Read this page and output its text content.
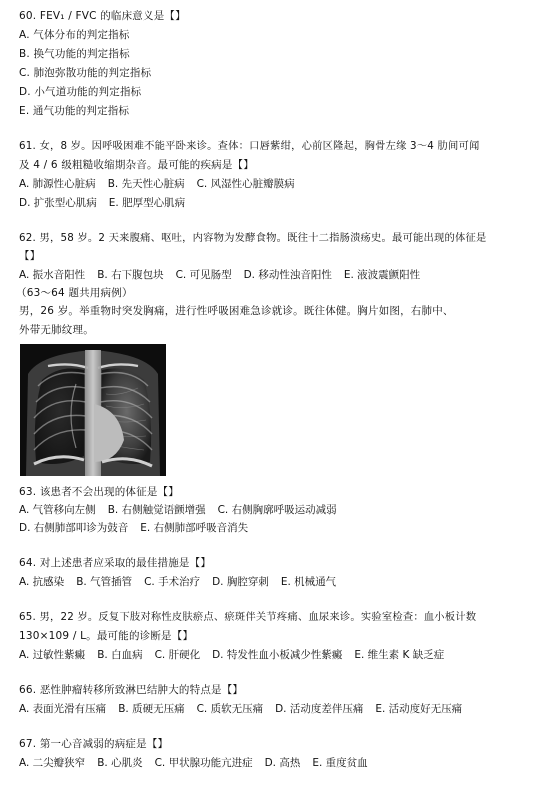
60. FEV₁ / FVC 的临床意义是【】
A. 气体分布的判定指标
B. 换气功能的判定指标
C. 肺泡弥散功能的判定指标
D. 小气道功能的判定指标
E. 通气功能的判定指标
61. 女，8 岁。因呼吸困难不能平卧来诊。查体：口唇紫绀，心前区隆起，胸骨左缘 3～4 肋间可闻
及 4 / 6 级粗糙收缩期杂音。最可能的疾病是【】
A. 肺源性心脏病 B. 先天性心脏病 C. 风湿性心脏瓣膜病
D. 扩张型心肌病 E. 肥厚型心肌病
62. 男，58 岁。2 天来腹痛、呕吐，内容物为发酵食物。既往十二指肠溃疡史。最可能出现的体征是
【】
A. 振水音阳性 B. 右下腹包块 C. 可见肠型 D. 移动性浊音阳性 E. 液波震颤阳性
（63～64 题共用病例）
男，26 岁。举重物时突发胸痛，进行性呼吸困难急诊就诊。既往体健。胸片如图，右肺中、
外带无肺纹理。
63. 该患者不会出现的体征是【】
A. 气管移向左侧 B. 右侧触觉语颤增强 C. 右侧胸廓呼吸运动减弱
D. 右侧肺部叩诊为鼓音 E. 右侧肺部呼吸音消失
64. 对上述患者应采取的最佳措施是【】
A. 抗感染 B. 气管插管 C. 手术治疗 D. 胸腔穿刺 E. 机械通气
65. 男，22 岁。反复下肢对称性皮肤瘀点、瘀斑伴关节疼痛、血尿来诊。实验室检查：血小板计数
130×109 / L。最可能的诊断是【】
A. 过敏性紫癜 B. 白血病 C. 肝硬化 D. 特发性血小板减少性紫癜 E. 维生素 K 缺乏症
66. 恶性肿瘤转移所致淋巴结肿大的特点是【】
A. 表面光滑有压痛 B. 质硬无压痛 C. 质软无压痛 D. 活动度差伴压痛 E. 活动度好无压痛
67. 第一心音减弱的病症是【】
A. 二尖瓣狭窄 B. 心肌炎 C. 甲状腺功能亢进症 D. 高热 E. 重度贫血
